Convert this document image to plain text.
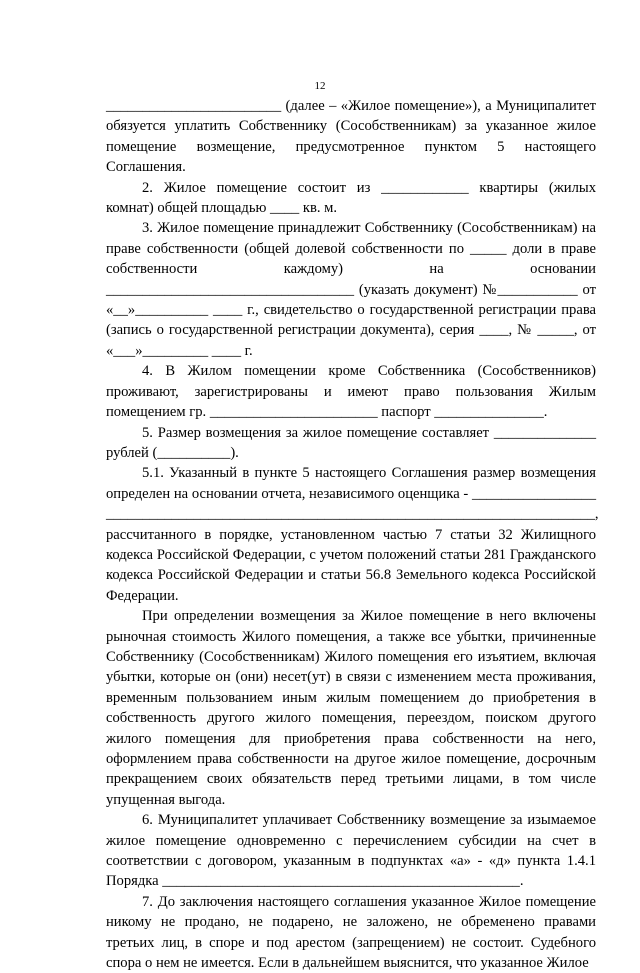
12

________________________ (далее – «Жилое помещение»), а Муниципалитет обязуется уплатить Собственнику (Сособственникам) за указанное жилое помещение возмещение, предусмотренное пунктом 5 настоящего Соглашения.

2. Жилое помещение состоит из ____________ квартиры (жилых комнат) общей площадью ____ кв. м.

3. Жилое помещение принадлежит Собственнику (Сособственникам) на праве собственности (общей долевой собственности по _____ доли в праве собственности каждому) на основании __________________________________ (указать документ) №___________ от «__»__________ ____ г., свидетельство о государственной регистрации права (запись о государственной регистрации документа), серия ____, № _____, от «___»_________ ____ г.

4. В Жилом помещении кроме Собственника (Сособственников) проживают, зарегистрированы и имеют право пользования Жилым помещением гр. _______________________ паспорт _______________.

5. Размер возмещения за жилое помещение составляет ______________ рублей (__________).

5.1. Указанный в пункте 5 настоящего Соглашения размер возмещения определен на основании отчета, независимого оценщика - _________________ ___________________________________________________________________, рассчитанного в порядке, установленном частью 7 статьи 32 Жилищного кодекса Российской Федерации, с учетом положений статьи 281 Гражданского кодекса Российской Федерации и статьи 56.8 Земельного кодекса Российской Федерации.

При определении возмещения за Жилое помещение в него включены рыночная стоимость Жилого помещения, а также все убытки, причиненные Собственнику (Сособственникам) Жилого помещения его изъятием, включая убытки, которые он (они) несет(ут) в связи с изменением места проживания, временным пользованием иным жилым помещением до приобретения в собственность другого жилого помещения, переездом, поиском другого жилого помещения для приобретения права собственности на него, оформлением права собственности на другое жилое помещение, досрочным прекращением своих обязательств перед третьими лицами, в том числе упущенная выгода.

6. Муниципалитет уплачивает Собственнику возмещение за изымаемое жилое помещение одновременно с перечислением субсидии на счет в соответствии с договором, указанным в подпунктах «а» - «д» пункта 1.4.1 Порядка _________________________________________________.

7. До заключения настоящего соглашения указанное Жилое помещение никому не продано, не подарено, не заложено, не обременено правами третьих лиц, в споре и под арестом (запрещением) не состоит. Судебного спора о нем не имеется. Если в дальнейшем выяснится, что указанное Жилое
